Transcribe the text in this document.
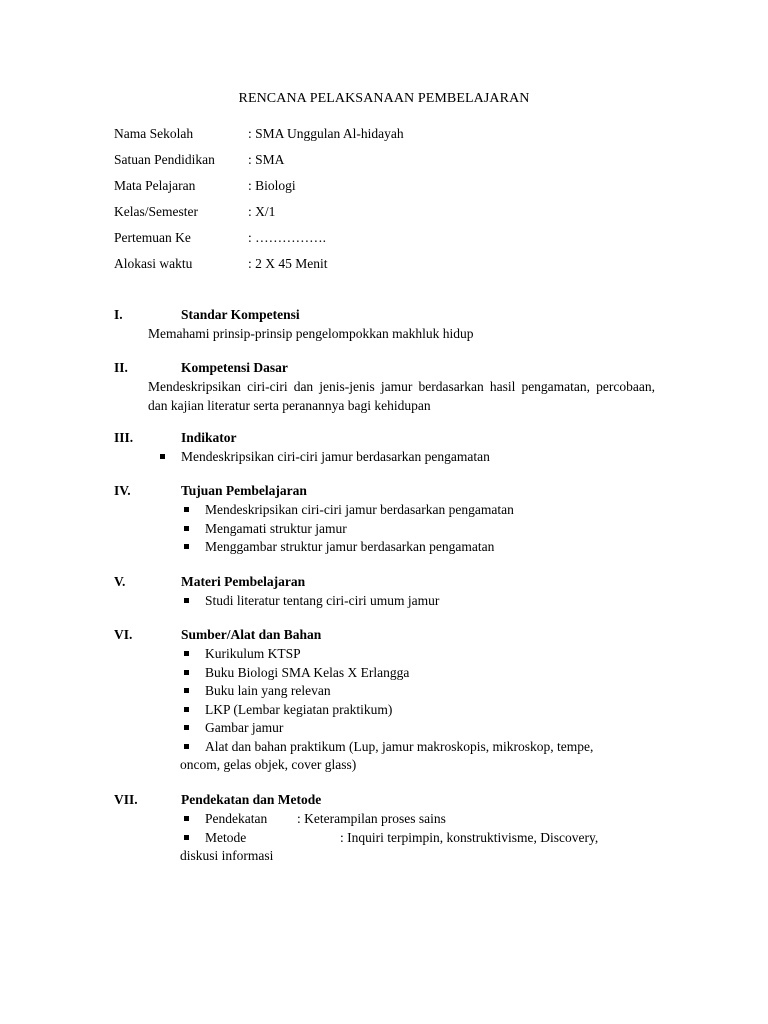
RENCANA PELAKSANAAN PEMBELAJARAN
Nama Sekolah	: SMA Unggulan Al-hidayah
Satuan Pendidikan	: SMA
Mata Pelajaran	: Biologi
Kelas/Semester	: X/1
Pertemuan Ke	: …………….
Alokasi waktu	: 2 X 45 Menit
I.	Standar Kompetensi
Memahami prinsip-prinsip pengelompokkan makhluk hidup
II.	Kompetensi Dasar
Mendeskripsikan ciri-ciri dan jenis-jenis jamur berdasarkan hasil pengamatan, percobaan, dan kajian literatur serta peranannya bagi kehidupan
III.	Indikator
Mendeskripsikan ciri-ciri jamur berdasarkan pengamatan
IV.	Tujuan Pembelajaran
Mendeskripsikan ciri-ciri jamur berdasarkan pengamatan
Mengamati struktur jamur
Menggambar struktur jamur berdasarkan pengamatan
V.	Materi Pembelajaran
Studi literatur tentang ciri-ciri umum jamur
VI.	Sumber/Alat dan Bahan
Kurikulum KTSP
Buku Biologi SMA Kelas X Erlangga
Buku lain yang relevan
LKP (Lembar kegiatan praktikum)
Gambar jamur
Alat dan bahan praktikum (Lup, jamur makroskopis, mikroskop, tempe,
oncom, gelas objek, cover glass)
VII.	Pendekatan dan Metode
Pendekatan : Keterampilan proses sains
Metode	: Inquiri terpimpin, konstruktivisme, Discovery,
diskusi informasi
